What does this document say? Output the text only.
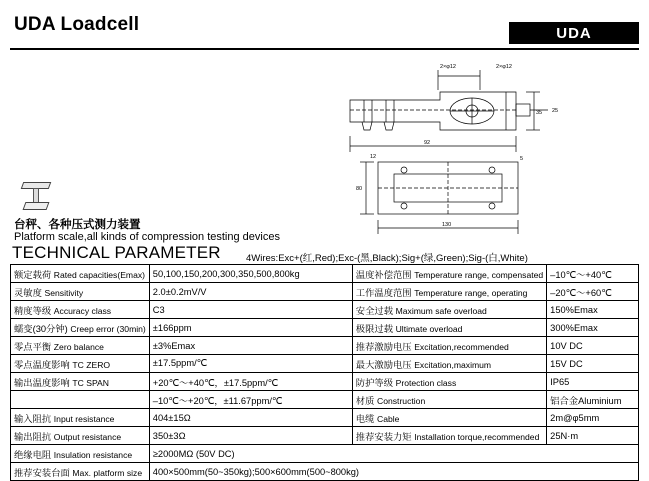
UDA Loadcell	UDA
台秤、各种压式测力装置
Platform scale,all kinds of compression testing devices
TECHNICAL PARAMETER	4Wires:Exc+(红,Red);Exc-(黑,Black);Sig+(绿,Green);Sig-(白,White)
2×φ12	2×φ12
92
130
80
35
12	5
25
额定载荷 Rated capacities(Emax)	50,100,150,200,300,350,500,800kg	温度补偿范围 Temperature range, compensated	–10℃～+40℃
灵敏度 Sensitivity	2.0±0.2mV/V	工作温度范围 Temperature range, operating	–20℃～+60℃
精度等级 Accuracy class	C3	安全过载 Maximum safe overload	150%Emax
蠕变(30分钟) Creep error (30min)	±166ppm	极限过载 Ultimate overload	300%Emax
零点平衡 Zero balance	±3%Emax	推荐激励电压 Excitation,recommended	10V DC
零点温度影响 TC ZERO	±17.5ppm/℃	最大激励电压 Excitation,maximum	15V DC
输出温度影响 TC SPAN	+20℃～+40℃，±17.5ppm/℃	防护等级 Protection class	IP65
	–10℃～+20℃，±11.67ppm/℃	材质 Construction	铝合金Aluminium
输入阻抗 Input resistance	404±15Ω	电缆 Cable	2m@φ5mm
输出阻抗 Output resistance	350±3Ω	推荐安装力矩 Installation torque,recommended	25N·m
绝缘电阻 Insulation resistance	≥2000MΩ (50V DC)		
推荐安装台面 Max. platform size	400×500mm(50~350kg);500×600mm(500~800kg)		
